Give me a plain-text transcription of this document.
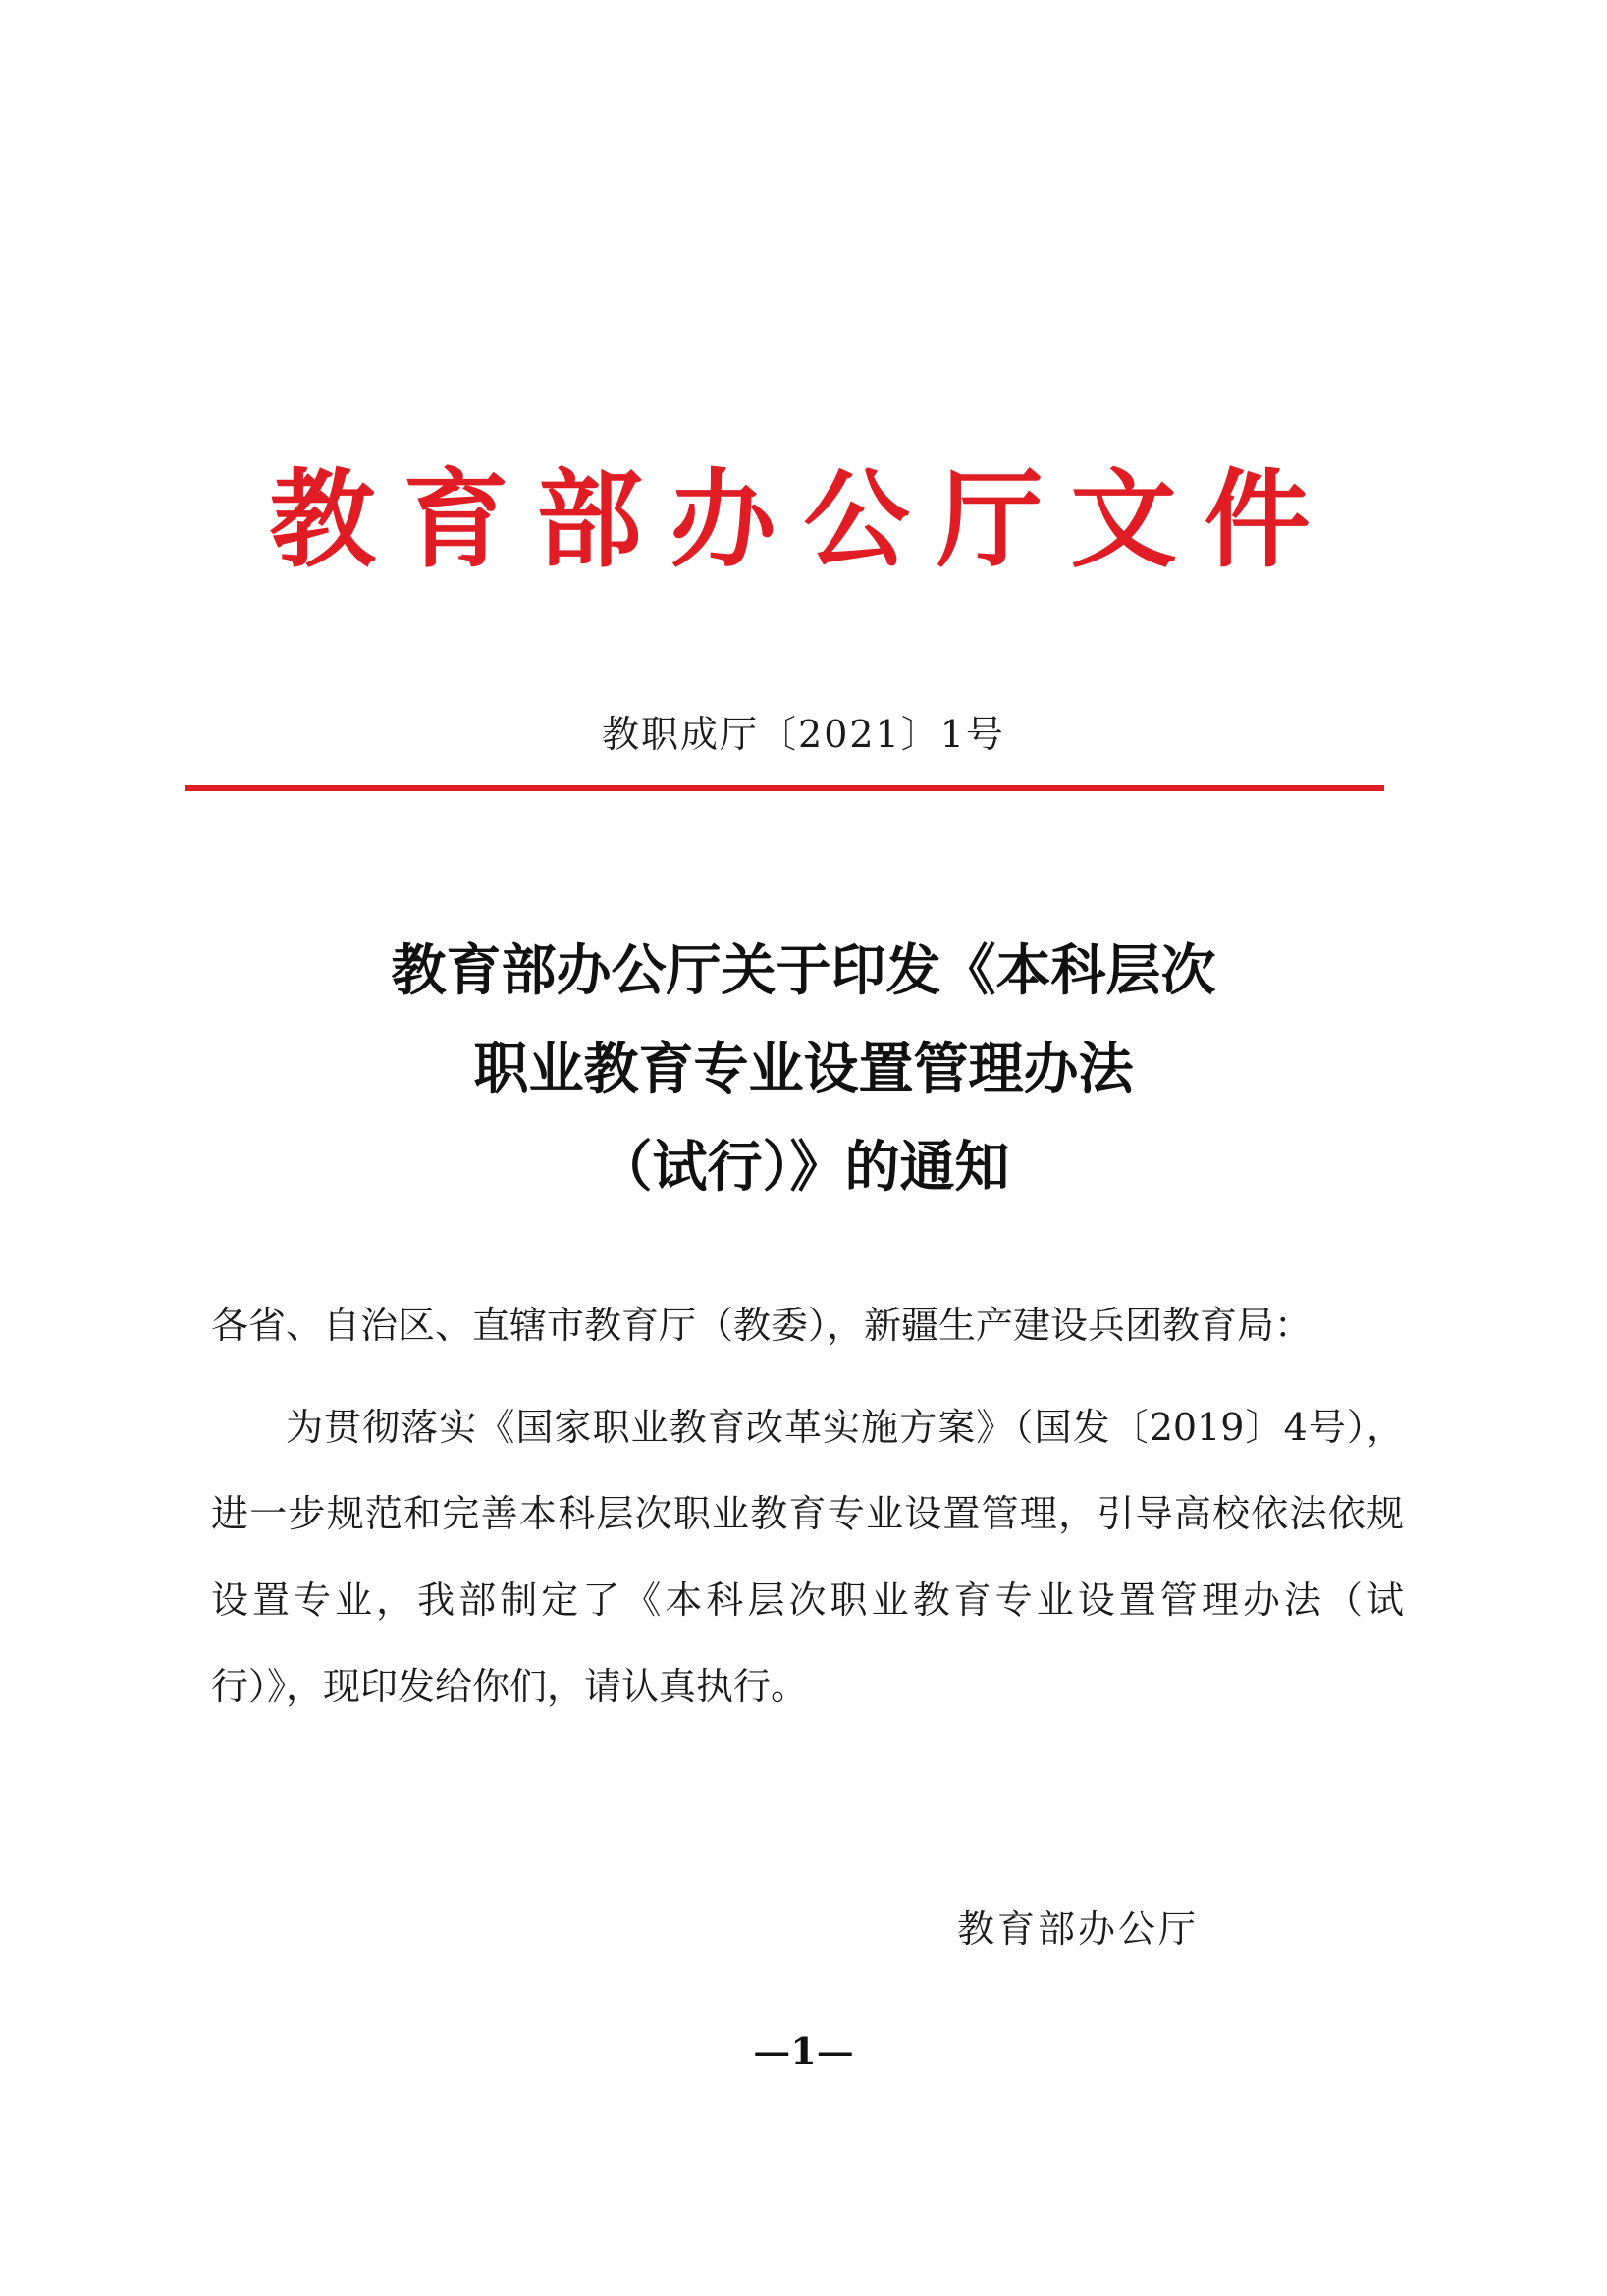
教育部办公厅文件
教职成厅〔2021〕1号
教育部办公厅关于印发《本科层次
职业教育专业设置管理办法
（试行）》的通知
各省、自治区、直辖市教育厅（教委），新疆生产建设兵团教育局：
为贯彻落实《国家职业教育改革实施方案》（国发〔2019〕4号），进一步规范和完善本科层次职业教育专业设置管理，引导高校依法依规设置专业，我部制定了《本科层次职业教育专业设置管理办法（试行）》，现印发给你们，请认真执行。
教育部办公厅
—1—
